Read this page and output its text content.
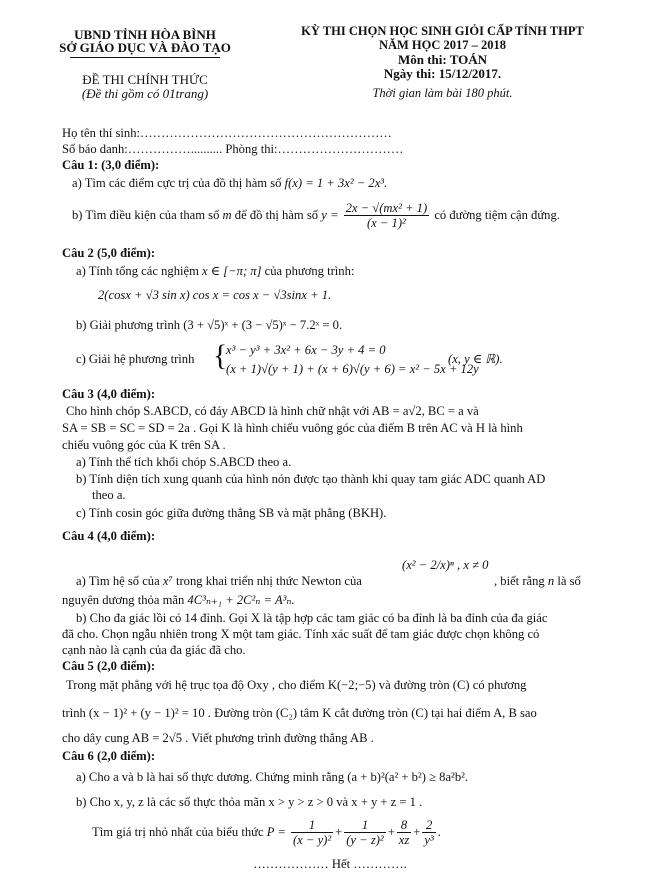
UBND TỈNH HÒA BÌNH
SỞ GIÁO DỤC VÀ ĐÀO TẠO
ĐỀ THI CHÍNH THỨC
(Đề thi gồm có 01trang)
KỲ THI CHỌN HỌC SINH GIỎI CẤP TỈNH THPT
NĂM HỌC 2017 – 2018
Môn thi: TOÁN
Ngày thi: 15/12/2017.
Thời gian làm bài 180 phút.
Họ tên thí sinh:……………………………………………………
Số báo danh:…………….......... Phòng thi:…………………………
Câu 1: (3,0 điểm):
a) Tìm các điểm cực trị của đồ thị hàm số f(x) = 1 + 3x² − 2x³.
b) Tìm điều kiện của tham số m để đồ thị hàm số $y = \frac{\text{2x − √(mx² + 1)}}{\text{(x − 1)²}}$ có đường tiệm cận đứng.
Câu 2 (5,0 điểm):
a) Tính tổng các nghiệm x ∈ [−π; π] của phương trình:
2(cosx + √3 sin x) cos x = cos x − √3sinx + 1.
b) Giải phương trình (3 + √5)ˣ + (3 − √5)ˣ − 7.2ˣ = 0.
c) Giải hệ phương trình {
x³ − y³ + 3x² + 6x − 3y + 4 = 0
(x + 1)√(y + 1) + (x + 6)√(y + 6) = x² − 5x + 12y
(x, y ∈ ℝ).
Câu 3 (4,0 điểm):
Cho hình chóp S.ABCD, có đáy ABCD là hình chữ nhật với AB = a√2, BC = a và
SA = SB = SC = SD = 2a . Gọi K là hình chiếu vuông góc của điểm B trên AC và H là hình
chiếu vuông góc của K trên SA .
a) Tính thể tích khối chóp S.ABCD theo a.
b) Tính diện tích xung quanh của hình nón được tạo thành khi quay tam giác ADC quanh AD
theo a.
c) Tính cosin góc giữa đường thẳng SB và mặt phẳng (BKH).
Câu 4 (4,0 điểm):
(x² − 2/x)ⁿ , x ≠ 0
a) Tìm hệ số của x⁷ trong khai triển nhị thức Newton của	, biết rằng n là số
nguyên dương thỏa mãn 4C³ₙ₊₁ + 2C²ₙ = A³ₙ.
b) Cho đa giác lồi có 14 đỉnh. Gọi X là tập hợp các tam giác có ba đỉnh là ba đỉnh của đa giác
đã cho. Chọn ngẫu nhiên trong X một tam giác. Tính xác suất để tam giác được chọn không có
cạnh nào là cạnh của đa giác đã cho.
Câu 5 (2,0 điểm):
Trong mặt phẳng với hệ trục tọa độ Oxy , cho điểm K(−2;−5) và đường tròn (C) có phương
trình (x − 1)² + (y − 1)² = 10 . Đường tròn (C₂) tâm K cắt đường tròn (C) tại hai điểm A, B sao
cho dây cung AB = 2√5 . Viết phương trình đường thẳng AB .
Câu 6 (2,0 điểm):
a) Cho a và b là hai số thực dương. Chứng minh rằng (a + b)²(a² + b²) ≥ 8a²b².
b) Cho x, y, z là các số thực thỏa mãn x > y > z > 0 và x + y + z = 1 .
Tìm giá trị nhỏ nhất của biểu thức $P = \frac{1}{\text{(x − y)²}} + \frac{1}{\text{(y − z)²}} + \frac{8}{xz} + \frac{2}{\text{y³}}$ .
……………… Hết ………….
